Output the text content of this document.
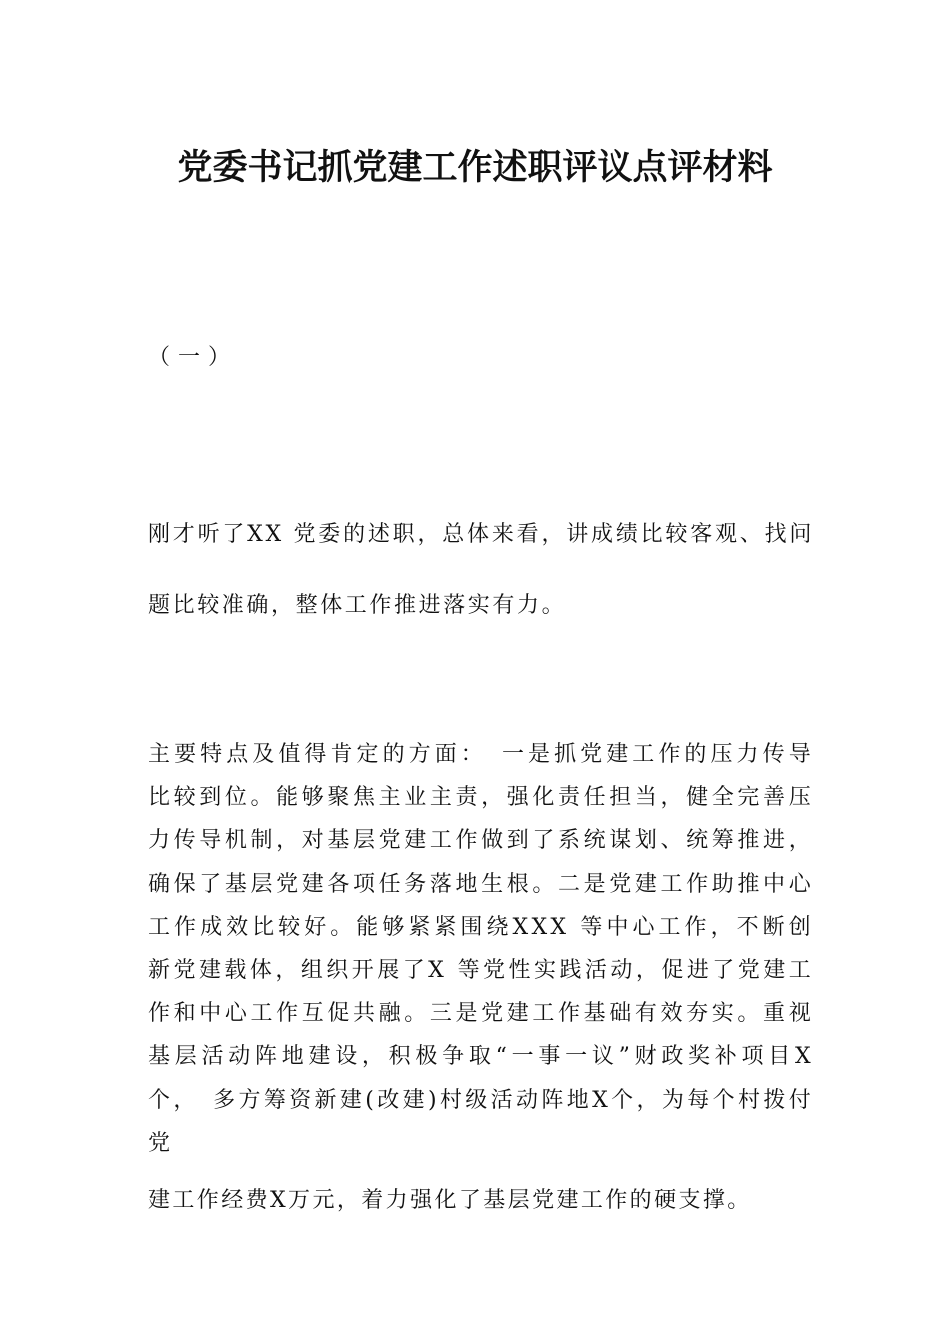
党委书记抓党建工作述职评议点评材料

（一）

刚才听了XX 党委的述职，总体来看，讲成绩比较客观、找问题比较准确，整体工作推进落实有力。

主要特点及值得肯定的方面：　一是抓党建工作的压力传导比较到位。能够聚焦主业主责，强化责任担当，健全完善压力传导机制，对基层党建工作做到了系统谋划、统筹推进，确保了基层党建各项任务落地生根。二是党建工作助推中心工作成效比较好。能够紧紧围绕XXX 等中心工作，不断创新党建载体，组织开展了X 等党性实践活动，促进了党建工作和中心工作互促共融。三是党建工作基础有效夯实。重视基层活动阵地建设，积极争取“一事一议”财政奖补项目X个，　多方筹资新建(改建)村级活动阵地X个，为每个村拨付党

建工作经费X万元，着力强化了基层党建工作的硬支撑。
